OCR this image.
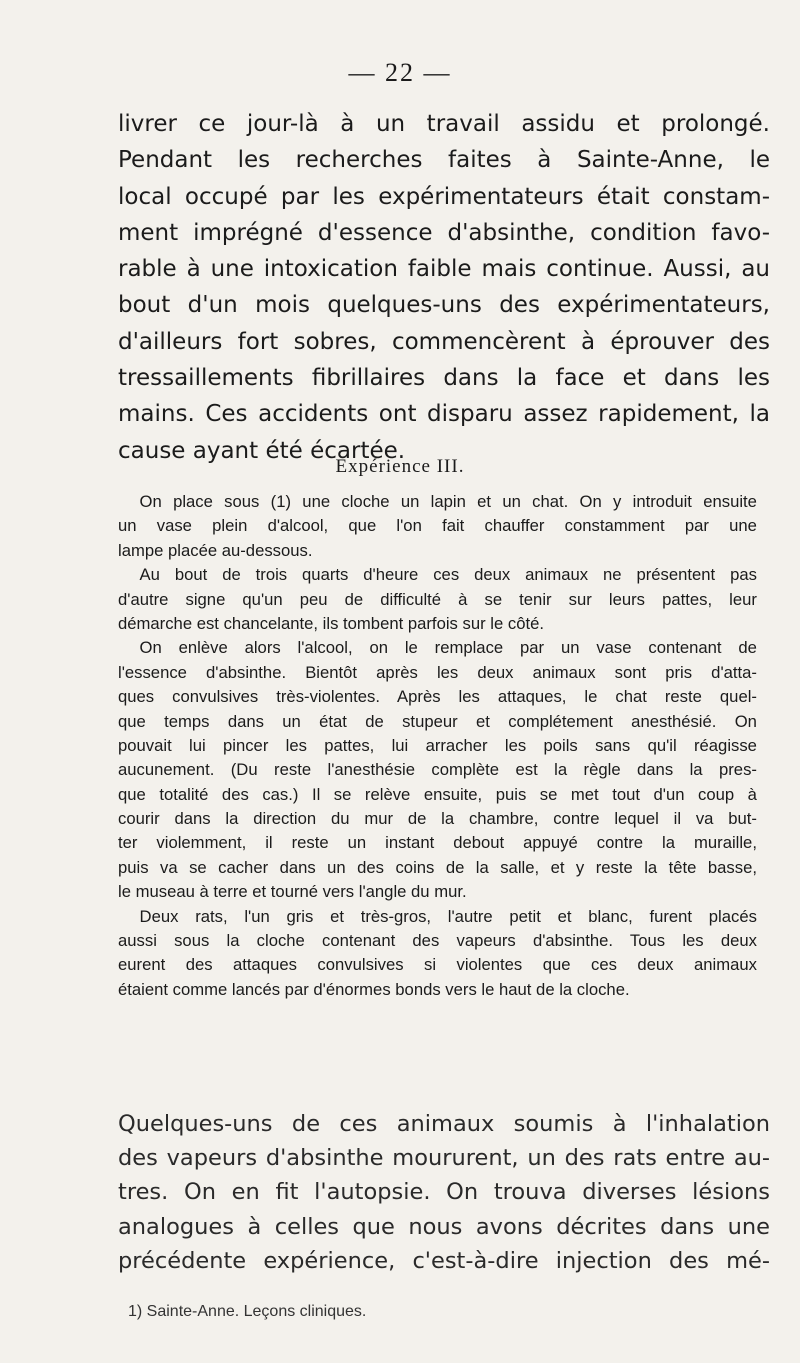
— 22 —
livrer ce jour-là à un travail assidu et prolongé.
Pendant les recherches faites à Sainte-Anne, le
local occupé par les expérimentateurs était constam-
ment imprégné d'essence d'absinthe, condition favo-
rable à une intoxication faible mais continue. Aussi, au
bout d'un mois quelques-uns des expérimentateurs,
d'ailleurs fort sobres, commencèrent à éprouver des
tressaillements fibrillaires dans la face et dans les
mains. Ces accidents ont disparu assez rapidement, la
cause ayant été écartée.
Expérience III.
On place sous (1) une cloche un lapin et un chat. On y introduit ensuite
un vase plein d'alcool, que l'on fait chauffer constamment par une
lampe placée au-dessous.
Au bout de trois quarts d'heure ces deux animaux ne présentent pas
d'autre signe qu'un peu de difficulté à se tenir sur leurs pattes, leur
démarche est chancelante, ils tombent parfois sur le côté.
On enlève alors l'alcool, on le remplace par un vase contenant de
l'essence d'absinthe. Bientôt après les deux animaux sont pris d'atta-
ques convulsives très-violentes. Après les attaques, le chat reste quel-
que temps dans un état de stupeur et complétement anesthésié. On
pouvait lui pincer les pattes, lui arracher les poils sans qu'il réagisse
aucunement. (Du reste l'anesthésie complète est la règle dans la pres-
que totalité des cas.) Il se relève ensuite, puis se met tout d'un coup à
courir dans la direction du mur de la chambre, contre lequel il va but-
ter violemment, il reste un instant debout appuyé contre la muraille,
puis va se cacher dans un des coins de la salle, et y reste la tête basse,
le museau à terre et tourné vers l'angle du mur.
Deux rats, l'un gris et très-gros, l'autre petit et blanc, furent placés
aussi sous la cloche contenant des vapeurs d'absinthe. Tous les deux
eurent des attaques convulsives si violentes que ces deux animaux
étaient comme lancés par d'énormes bonds vers le haut de la cloche.
Quelques-uns de ces animaux soumis à l'inhalation
des vapeurs d'absinthe moururent, un des rats entre au-
tres. On en fit l'autopsie. On trouva diverses lésions
analogues à celles que nous avons décrites dans une
précédente expérience, c'est-à-dire injection des mé-
1) Sainte-Anne. Leçons cliniques.
